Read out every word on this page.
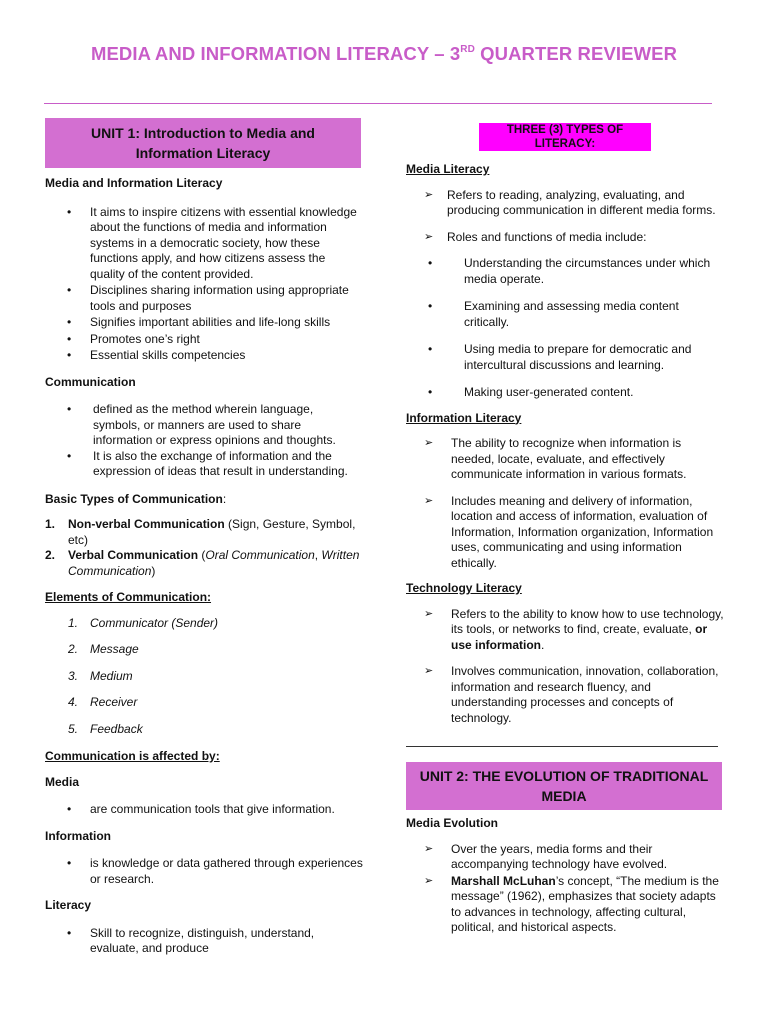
MEDIA AND INFORMATION LITERACY – 3RD QUARTER REVIEWER
UNIT 1: Introduction to Media and Information Literacy
Media and Information Literacy
• It aims to inspire citizens with essential knowledge about the functions of media and information systems in a democratic society, how these functions apply, and how citizens assess the quality of the content provided.
• Disciplines sharing information using appropriate tools and purposes
• Signifies important abilities and life-long skills
• Promotes one’s right
• Essential skills competencies
Communication
• defined as the method wherein language, symbols, or manners are used to share information or express opinions and thoughts.
• It is also the exchange of information and the expression of ideas that result in understanding.
Basic Types of Communication:
1. Non-verbal Communication (Sign, Gesture, Symbol, etc)
2. Verbal Communication (Oral Communication, Written Communication)
Elements of Communication:
1. Communicator (Sender)
2. Message
3. Medium
4. Receiver
5. Feedback
Communication is affected by:
Media
• are communication tools that give information.
Information
• is knowledge or data gathered through experiences or research.
Literacy
• Skill to recognize, distinguish, understand, evaluate, and produce
THREE (3) TYPES OF LITERACY:
Media Literacy
➢ Refers to reading, analyzing, evaluating, and producing communication in different media forms.
➢ Roles and functions of media include:
• Understanding the circumstances under which media operate.
• Examining and assessing media content critically.
• Using media to prepare for democratic and intercultural discussions and learning.
• Making user-generated content.
Information Literacy
➢ The ability to recognize when information is needed, locate, evaluate, and effectively communicate information in various formats.
➢ Includes meaning and delivery of information, location and access of information, evaluation of Information, Information organization, Information uses, communicating and using information ethically.
Technology Literacy
➢ Refers to the ability to know how to use technology, its tools, or networks to find, create, evaluate, or use information.
➢ Involves communication, innovation, collaboration, information and research fluency, and understanding processes and concepts of technology.
UNIT 2: THE EVOLUTION OF TRADITIONAL MEDIA
Media Evolution
➢ Over the years, media forms and their accompanying technology have evolved.
➢ Marshall McLuhan’s concept, “The medium is the message” (1962), emphasizes that society adapts to advances in technology, affecting cultural, political, and historical aspects.
